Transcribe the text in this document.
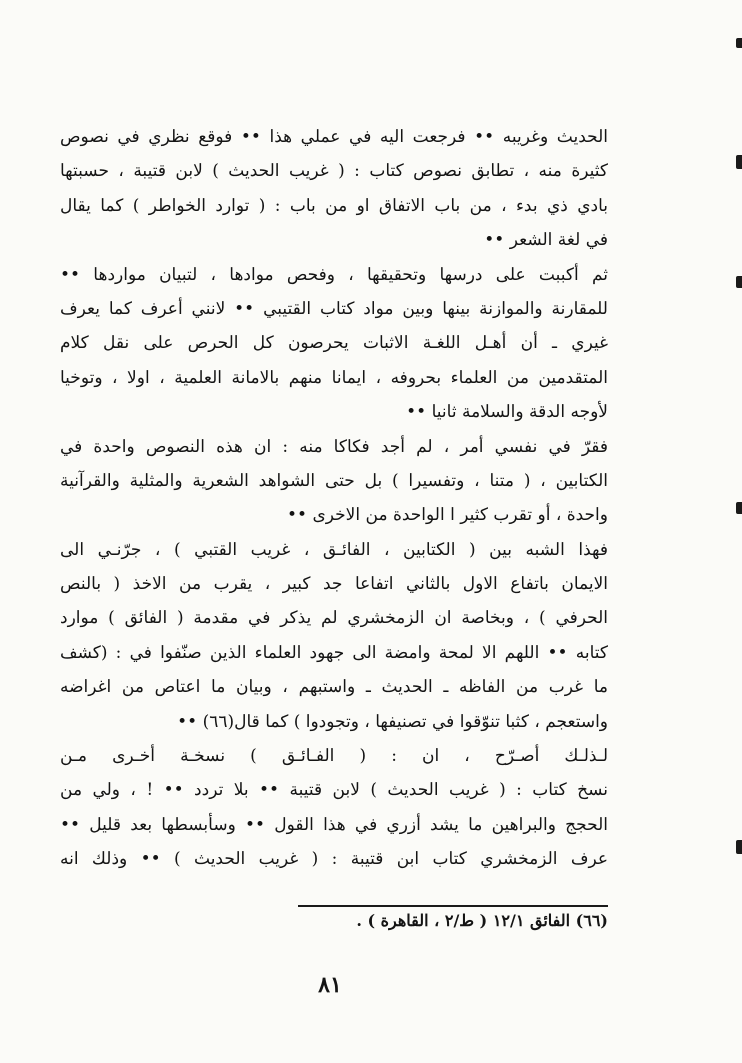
الحديث وغريبه •• فرجعت اليه في عملي هذا •• فوقع نظري في نصوص
كثيرة منه ، تطابق نصوص كتاب : ( غريب الحديث ) لابن قتيبة ، حسبتها
بادي ذي بدء ، من باب الاتفاق او من باب : ( توارد الخواطر ) كما يقال
في لغة الشعر ••
ثم أكببت على درسها وتحقيقها ، وفحص موادها ، لتبيان مواردها ••
للمقارنة والموازنة بينها وبين مواد كتاب القتيبي •• لانني أعرف كما يعرف
غيري ـ أن أهـل اللغـة الاثبات يحرصون كل الحرص على نقل كلام
المتقدمين من العلماء بحروفه ، ايمانا منهم بالامانة العلمية ، اولا ، وتوخيا
لأوجه الدقة والسلامة ثانيا ••
فقرّ في نفسي أمر ، لم أجد فكاكا منه : ان هذه النصوص واحدة في
الكتابين ، ( متنا ، وتفسيرا ) بل حتى الشواهد الشعرية والمثلية والقرآنية
واحدة ، أو تقرب كثير ا الواحدة من الاخرى ••
فهذا الشبه بين ( الكتابين ، الفائـق ، غريب القتبي ) ، جرّنـي الى
الايمان باتفاع الاول بالثاني اتفاعا جد كبير ، يقرب من الاخذ ( بالنص
الحرفي ) ، وبخاصة ان الزمخشري لم يذكر في مقدمة ( الفائق ) موارد
كتابه •• اللهم الا لمحة وامضة الى جهود العلماء الذين صنّفوا في : (كشف
ما غرب من الفاظه ـ الحديث ـ واستبهم ، وبيان ما اعتاص من اغراضه
واستعجم ، كثبا تنوّقوا في تصنيفها ، وتجودوا ) كما قال(٦٦) ••
لـذلـك أصـرّح ، ان : ( الفـائـق ) نسخـة أخـرى مـن
نسخ كتاب : ( غريب الحديث ) لابن قتيبة •• بلا تردد •• ! ، ولي من
الحجج والبراهين ما يشد أزري في هذا القول •• وسأبسطها بعد قليل ••
عرف الزمخشري كتاب ابن قتيبة : ( غريب الحديث ) •• وذلك انه
(٦٦) الفائق ١٢/١ ( ط/٢ ، القاهرة ) .
٨١
